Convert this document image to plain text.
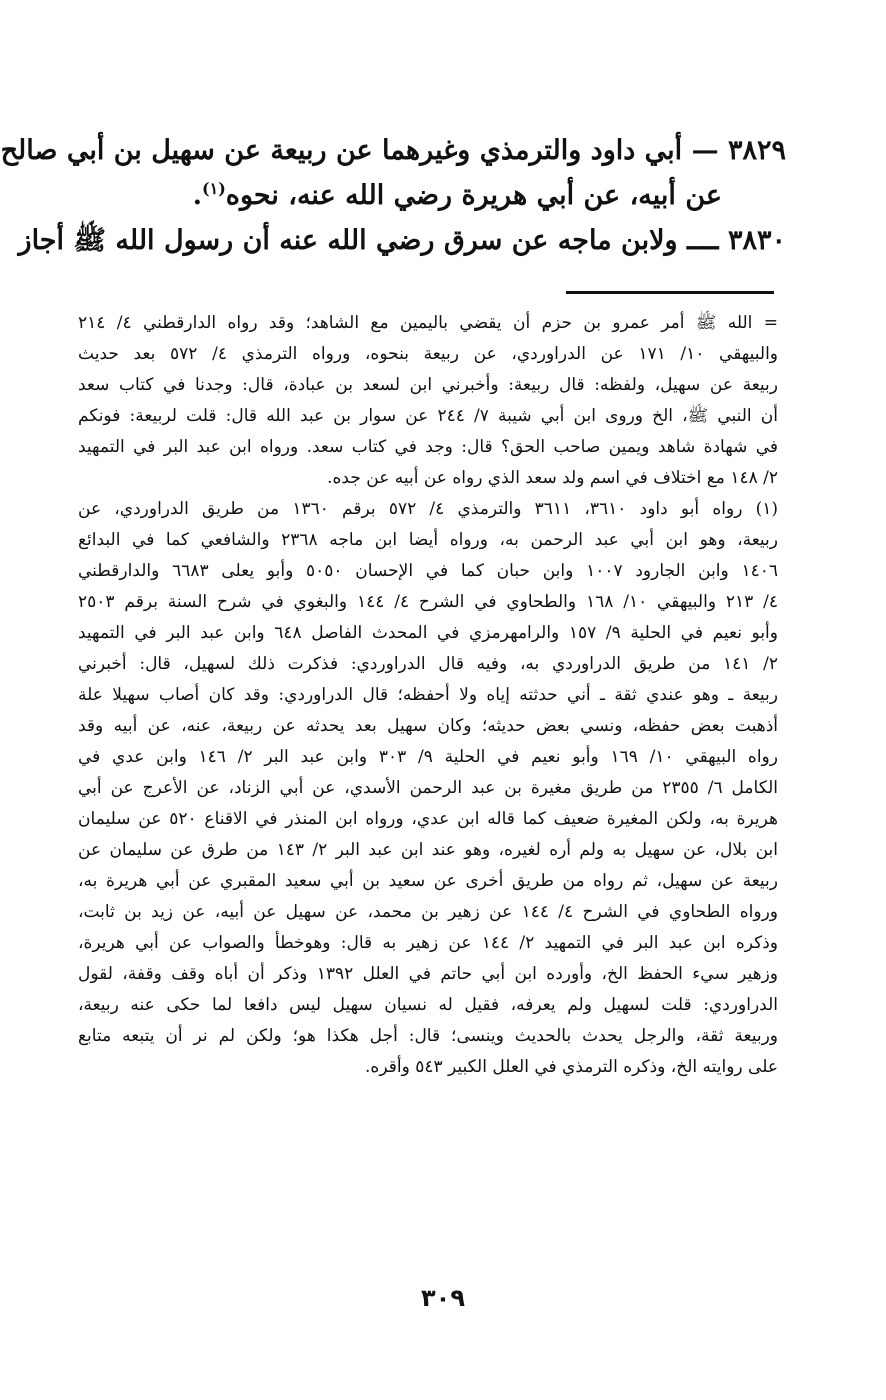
٣٨٢٩ — أبي داود والترمذي وغيرهما عن ربيعة عن سهيل بن أبي صالح
عن أبيه، عن أبي هريرة رضي الله عنه، نحوه$^{(١)}$.
٣٨٣٠ ــــ ولابن ماجه عن سرق رضي الله عنه أن رسول الله ﷺ أجاز
= الله ﷺ أمر عمرو بن حزم أن يقضي باليمين مع الشاهد؛ وقد رواه الدارقطني ٤/ ٢١٤
والبيهقي ١٠/ ١٧١ عن الدراوردي، عن ربيعة بنحوه، ورواه الترمذي ٤/ ٥٧٢ بعد حديث
ربيعة عن سهيل، ولفظه: قال ربيعة: وأخبرني ابن لسعد بن عبادة، قال: وجدنا في كتاب سعد
أن النبي ﷺ، الخ وروى ابن أبي شيبة ٧/ ٢٤٤ عن سوار بن عبد الله قال: قلت لربيعة: فونكم
في شهادة شاهد ويمين صاحب الحق؟ قال: وجد في كتاب سعد. ورواه ابن عبد البر في التمهيد
٢/ ١٤٨ مع اختلاف في اسم ولد سعد الذي رواه عن أبيه عن جده.
(١) رواه أبو داود ٣٦١٠، ٣٦١١ والترمذي ٤/ ٥٧٢ برقم ١٣٦٠ من طريق الدراوردي، عن
ربيعة، وهو ابن أبي عبد الرحمن به، ورواه أيضا ابن ماجه ٢٣٦٨ والشافعي كما في البدائع
١٤٠٦ وابن الجارود ١٠٠٧ وابن حبان كما في الإحسان ٥٠٥٠ وأبو يعلى ٦٦٨٣ والدارقطني
٤/ ٢١٣ والبيهقي ١٠/ ١٦٨ والطحاوي في الشرح ٤/ ١٤٤ والبغوي في شرح السنة برقم ٢٥٠٣
وأبو نعيم في الحلية ٩/ ١٥٧ والرامهرمزي في المحدث الفاصل ٦٤٨ وابن عبد البر في التمهيد
٢/ ١٤١ من طريق الدراوردي به، وفيه قال الدراوردي: فذكرت ذلك لسهيل، قال: أخبرني
ربيعة ـ وهو عندي ثقة ـ أني حدثته إياه ولا أحفظه؛ قال الدراوردي: وقد كان أصاب سهيلا علة
أذهبت بعض حفظه، ونسي بعض حديثه؛ وكان سهيل بعد يحدثه عن ربيعة، عنه، عن أبيه وقد
رواه البيهقي ١٠/ ١٦٩ وأبو نعيم في الحلية ٩/ ٣٠٣ وابن عبد البر ٢/ ١٤٦ وابن عدي في
الكامل ٦/ ٢٣٥٥ من طريق مغيرة بن عبد الرحمن الأسدي، عن أبي الزناد، عن الأعرج عن أبي
هريرة به، ولكن المغيرة ضعيف كما قاله ابن عدي، ورواه ابن المنذر في الاقناع ٥٢٠ عن سليمان
ابن بلال، عن سهيل به ولم أره لغيره، وهو عند ابن عبد البر ٢/ ١٤٣ من طرق عن سليمان عن
ربيعة عن سهيل، ثم رواه من طريق أخرى عن سعيد بن أبي سعيد المقبري عن أبي هريرة به،
ورواه الطحاوي في الشرح ٤/ ١٤٤ عن زهير بن محمد، عن سهيل عن أبيه، عن زيد بن ثابت،
وذكره ابن عبد البر في التمهيد ٢/ ١٤٤ عن زهير به قال: وهوخطأ والصواب عن أبي هريرة،
وزهير سيء الحفظ الخ، وأورده ابن أبي حاتم في العلل ١٣٩٢ وذكر أن أباه وقف وقفة، لقول
الدراوردي: قلت لسهيل ولم يعرفه، فقيل له نسيان سهيل ليس دافعا لما حكى عنه ربيعة،
وربيعة ثقة، والرجل يحدث بالحديث وينسى؛ قال: أجل هكذا هو؛ ولكن لم نر أن يتبعه متابع
على روايته الخ، وذكره الترمذي في العلل الكبير ٥٤٣ وأقره.
٣٠٩
